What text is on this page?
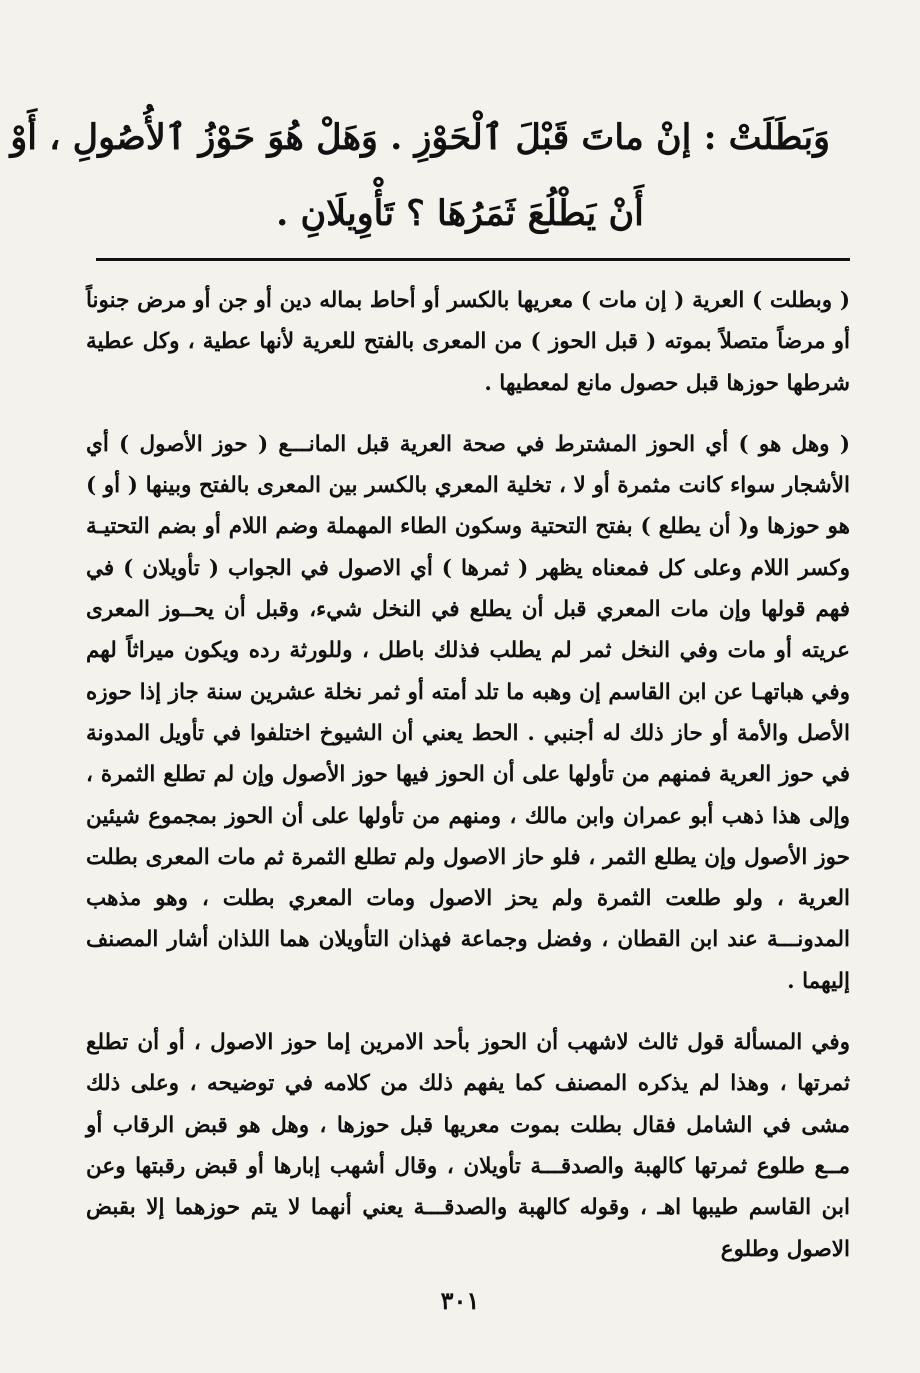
وَبَطَلَتْ : إنْ ماتَ قَبْلَ ٱلْحَوْزِ . وَهَلْ هُوَ حَوْزُ ٱلأُصُولِ ، أَوْ
أَنْ يَطْلُعَ ثَمَرُهَا ؟ تَأْوِيلَانِ .

( وبطلت ) العرية ( إن مات ) معريها بالكسر أو أحاط بماله دين أو جن أو مرض جنوناً أو مرضاً متصلاً بموته ( قبل الحوز ) من المعرى بالفتح للعرية لأنها عطية ، وكل عطية شرطها حوزها قبل حصول مانع لمعطيها .

( وهل هو ) أي الحوز المشترط في صحة العرية قبل المانـــع ( حوز الأصول ) أي الأشجار سواء كانت مثمرة أو لا ، تخلية المعري بالكسر بين المعرى بالفتح وبينها ( أو ) هو حوزها و( أن يطلع ) بفتح التحتية وسكون الطاء المهملة وضم اللام أو بضم التحتيـة وكسر اللام وعلى كل فمعناه يظهر ( ثمرها ) أي الاصول في الجواب ( تأويلان ) في فهم قولها وإن مات المعري قبل أن يطلع في النخل شيء، وقبل أن يحــوز المعرى عريته أو مات وفي النخل ثمر لم يطلب فذلك باطل ، وللورثة رده ويكون ميراثاً لهم وفي هباتهـا عن ابن القاسم إن وهبه ما تلد أمته أو ثمر نخلة عشرين سنة جاز إذا حوزه الأصل والأمة أو حاز ذلك له أجنبي . الحط يعني أن الشيوخ اختلفوا في تأويل المدونة في حوز العرية فمنهم من تأولها على أن الحوز فيها حوز الأصول وإن لم تطلع الثمرة ، وإلى هذا ذهب أبو عمران وابن مالك ، ومنهم من تأولها على أن الحوز بمجموع شيئين حوز الأصول وإن يطلع الثمر ، فلو حاز الاصول ولم تطلع الثمرة ثم مات المعرى بطلت العرية ، ولو طلعت الثمرة ولم يحز الاصول ومات المعري بطلت ، وهو مذهب المدونـــة عند ابن القطان ، وفضل وجماعة فهذان التأويلان هما اللذان أشار المصنف إليهما .

وفي المسألة قول ثالث لاشهب أن الحوز بأحد الامرين إما حوز الاصول ، أو أن تطلع ثمرتها ، وهذا لم يذكره المصنف كما يفهم ذلك من كلامه في توضيحه ، وعلى ذلك مشى في الشامل فقال بطلت بموت معريها قبل حوزها ، وهل هو قبض الرقاب أو مــع طلوع ثمرتها كالهبة والصدقـــة تأويلان ، وقال أشهب إبارها أو قبض رقبتها وعن ابن القاسم طيبها اهـ ، وقوله كالهبة والصدقـــة يعني أنهما لا يتم حوزهما إلا بقبض الاصول وطلوع

٣٠١
